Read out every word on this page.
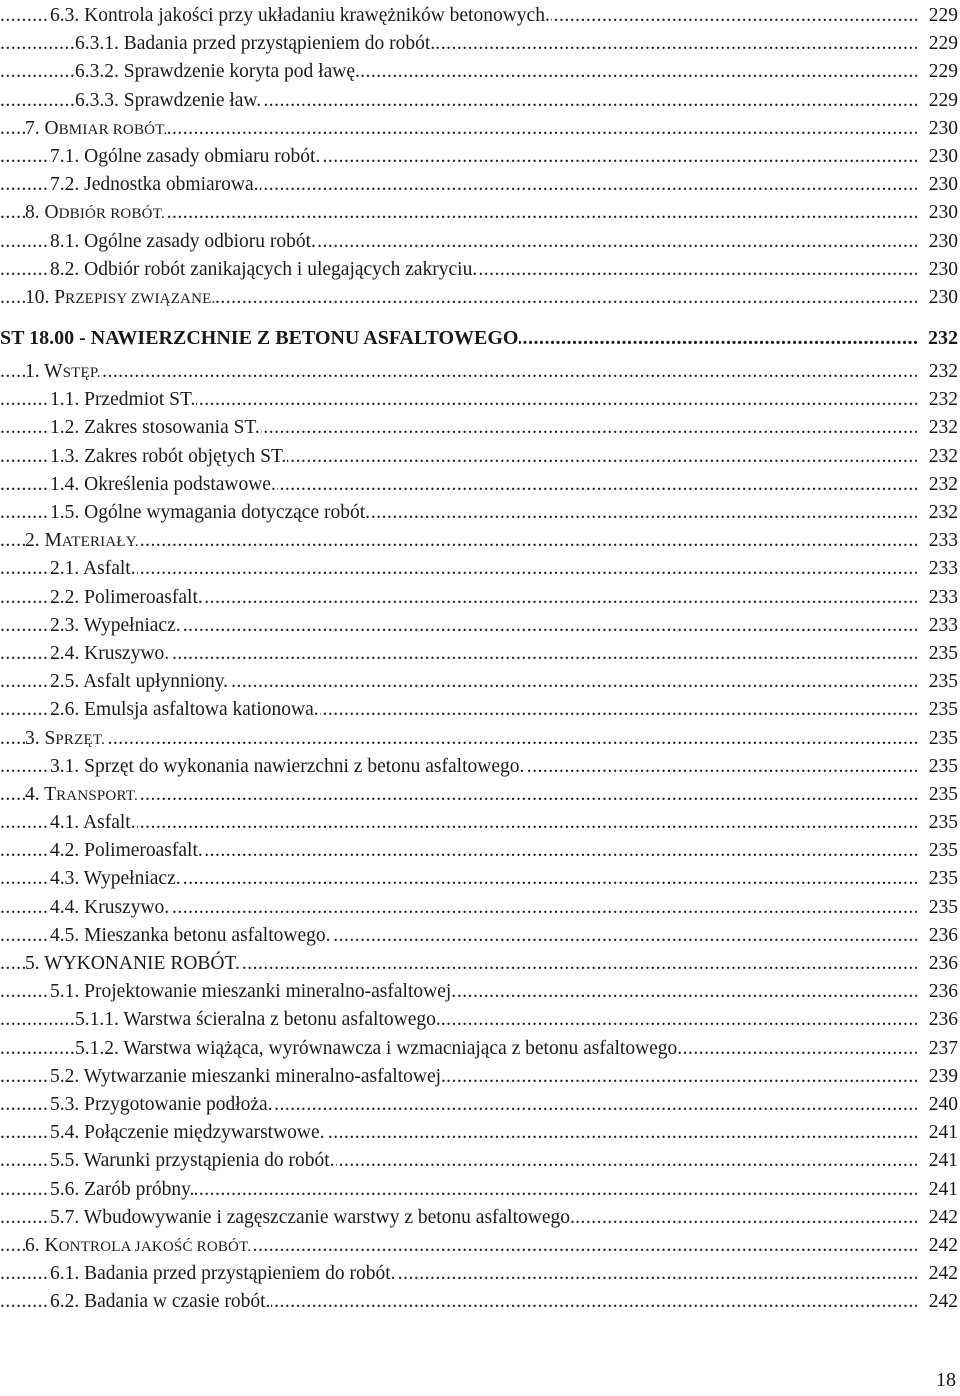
.....
6.3. Kontrola jakości przy układaniu krawężników betonowych.	229
.....
6.3.1. Badania przed przystąpieniem do robót.	229
.....
6.3.2. Sprawdzenie koryta pod ławę.	229
.....
6.3.3. Sprawdzenie ław.	229
.....
7. OBMIAR ROBÓT.	230
.....
7.1. Ogólne zasady obmiaru robót.	230
.....
7.2. Jednostka obmiarowa.	230
.....
8. ODBIÓR ROBÓT.	230
.....
8.1. Ogólne zasady odbioru robót.	230
.....
8.2. Odbiór robót zanikających i ulegających zakryciu.	230
.....
10. PRZEPISY ZWIĄZANE.	230
.....
ST 18.00 - NAWIERZCHNIE Z BETONU ASFALTOWEGO	232
.....
1. WSTĘP.	232
.....
1.1. Przedmiot ST.	232
.....
1.2. Zakres stosowania ST.	232
.....
1.3. Zakres robót objętych ST.	232
.....
1.4. Określenia podstawowe.	232
.....
1.5. Ogólne wymagania dotyczące robót.	232
.....
2. MATERIAŁY.	233
.....
2.1. Asfalt.	233
.....
2.2. Polimeroasfalt.	233
.....
2.3. Wypełniacz.	233
.....
2.4. Kruszywo.	235
.....
2.5. Asfalt upłynniony.	235
.....
2.6. Emulsja asfaltowa kationowa.	235
.....
3. SPRZĘT.	235
.....
3.1. Sprzęt do wykonania nawierzchni z betonu asfaltowego.	235
.....
4. TRANSPORT.	235
.....
4.1. Asfalt.	235
.....
4.2. Polimeroasfalt.	235
.....
4.3. Wypełniacz.	235
.....
4.4. Kruszywo.	235
.....
4.5. Mieszanka betonu asfaltowego.	236
.....
5. WYKONANIE ROBÓT.	236
.....
5.1. Projektowanie mieszanki mineralno-asfaltowej.	236
.....
5.1.1. Warstwa ścieralna z betonu asfaltowego.	236
.....
5.1.2. Warstwa wiążąca, wyrównawcza i wzmacniająca z betonu asfaltowego.	237
.....
5.2. Wytwarzanie mieszanki mineralno-asfaltowej.	239
.....
5.3. Przygotowanie podłoża.	240
.....
5.4. Połączenie międzywarstwowe.	241
.....
5.5. Warunki przystąpienia do robót.	241
.....
5.6. Zarób próbny.	241
.....
5.7. Wbudowywanie i zagęszczanie warstwy z betonu asfaltowego.	242
.....
6. KONTROLA JAKOŚĆ ROBÓT.	242
.....
6.1. Badania przed przystąpieniem do robót.	242
.....
6.2. Badania w czasie robót.	242
18
